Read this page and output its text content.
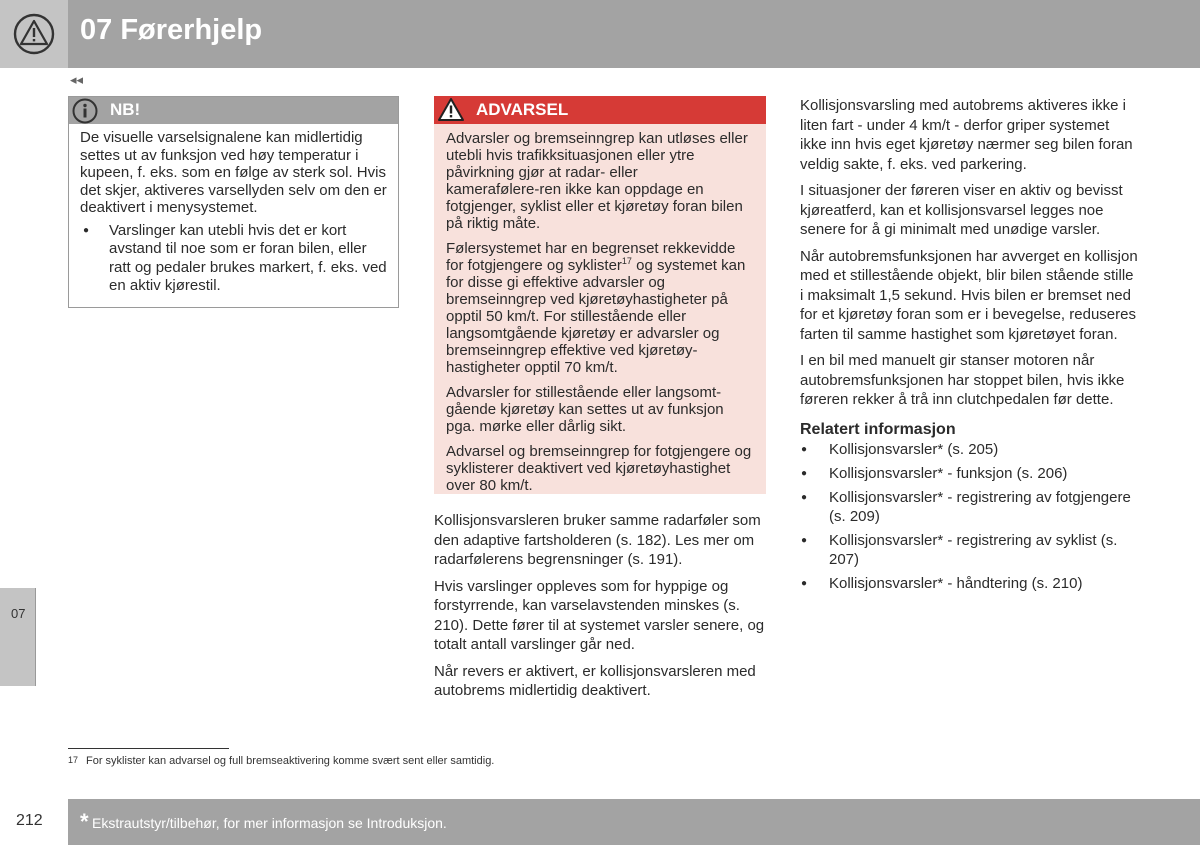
07 Førerhjelp
◂◂
07
NB!

De visuelle varselsignalene kan midlertidig settes ut av funksjon ved høy temperatur i kupeen, f. eks. som en følge av sterk sol. Hvis det skjer, aktiveres varsellyden selv om den er deaktivert i menysystemet.

● Varslinger kan utebli hvis det er kort avstand til noe som er foran bilen, eller ratt og pedaler brukes markert, f. eks. ved en aktiv kjørestil.
ADVARSEL

Advarsler og bremseinngrep kan utløses eller utebli hvis trafikksituasjonen eller ytre påvirkning gjør at radar- eller kamerafølere‑ren ikke kan oppdage en fotgjenger, syklist eller et kjøretøy foran bilen på riktig måte.

Følersystemet har en begrenset rekkevidde for fotgjengere og syklister$^{17}$ og systemet kan for disse gi effektive advarsler og bremseinngrep ved kjøretøyhastigheter på opptil 50 km/t. For stillestående eller langsomtgående kjøretøy er advarsler og bremseinngrep effektive ved kjøretøyhastigheter opptil 70 km/t.

Advarsler for stillestående eller langsomtgående kjøretøy kan settes ut av funksjon pga. mørke eller dårlig sikt.

Advarsel og bremseinngrep for fotgjengere og syklisterer deaktivert ved kjøretøyhastighet over 80 km/t.

Kollisjonsvarsleren bruker samme radarføler som den adaptive fartsholderen (s. 182). Les mer om radarfølerens begrensninger (s. 191).

Hvis varslinger oppleves som for hyppige og forstyrrende, kan varselavstenden minskes (s. 210). Dette fører til at systemet varsler senere, og totalt antall varslinger går ned.

Når revers er aktivert, er kollisjonsvarsleren med autobrems midlertidig deaktivert.

Kollisjonsvarsling med autobrems aktiveres ikke i liten fart - under 4 km/t - derfor griper systemet ikke inn hvis eget kjøretøy nærmer seg bilen foran veldig sakte, f. eks. ved parkering.

I situasjoner der føreren viser en aktiv og bevisst kjøreatferd, kan et kollisjonsvarsel legges noe senere for å gi minimalt med unødige varsler.

Når autobremsfunksjonen har avverget en kollisjon med et stillestående objekt, blir bilen stående stille i maksimalt 1,5 sekund. Hvis bilen er bremset ned for et kjøretøy foran som er i bevegelse, reduseres farten til samme hastighet som kjøretøyet foran.

I en bil med manuelt gir stanser motoren når autobremsfunksjonen har stoppet bilen, hvis ikke føreren rekker å trå inn clutchpedalen før dette.

Relatert informasjon
● Kollisjonsvarsler* (s. 205)
● Kollisjonsvarsler* - funksjon (s. 206)
● Kollisjonsvarsler* - registrering av fotgjengere (s. 209)
● Kollisjonsvarsler* - registrering av syklist (s. 207)
● Kollisjonsvarsler* - håndtering (s. 210)
17 For syklister kan advarsel og full bremseaktivering komme svært sent eller samtidig.
* Ekstrautstyr/tilbehør, for mer informasjon se Introduksjon.
212
